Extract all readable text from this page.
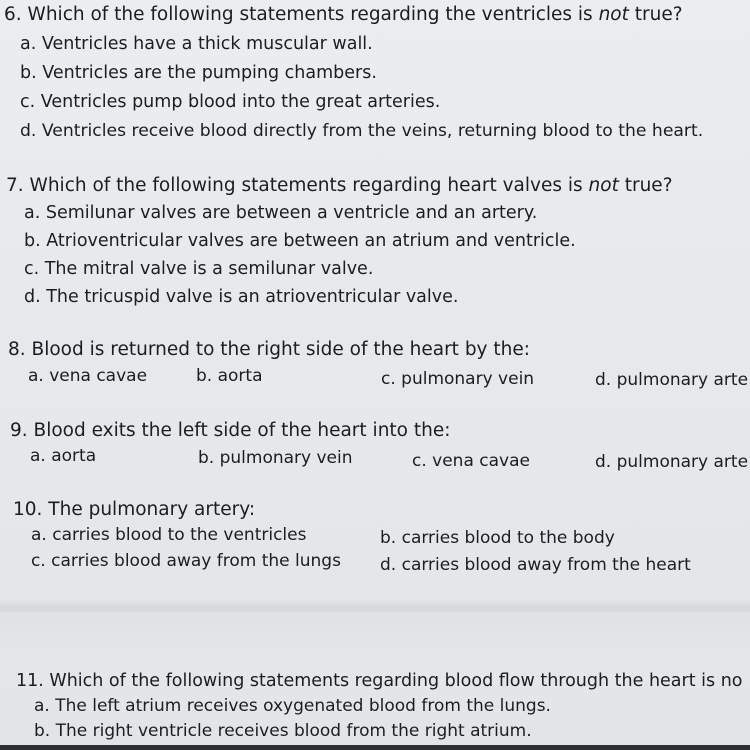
6. Which of the following statements regarding the ventricles is not true?
a. Ventricles have a thick muscular wall.
b. Ventricles are the pumping chambers.
c. Ventricles pump blood into the great arteries.
d. Ventricles receive blood directly from the veins, returning blood to the heart.
7. Which of the following statements regarding heart valves is not true?
a. Semilunar valves are between a ventricle and an artery.
b. Atrioventricular valves are between an atrium and ventricle.
c. The mitral valve is a semilunar valve.
d. The tricuspid valve is an atrioventricular valve.
8. Blood is returned to the right side of the heart by the:
a. vena cavae	b. aorta	c. pulmonary vein	d. pulmonary arte
9. Blood exits the left side of the heart into the:
a. aorta	b. pulmonary vein	c. vena cavae	d. pulmonary arte
10. The pulmonary artery:
a. carries blood to the ventricles	b. carries blood to the body
c. carries blood away from the lungs d. carries blood away from the heart
11. Which of the following statements regarding blood flow through the heart is no
a. The left atrium receives oxygenated blood from the lungs.
b. The right ventricle receives blood from the right atrium.
